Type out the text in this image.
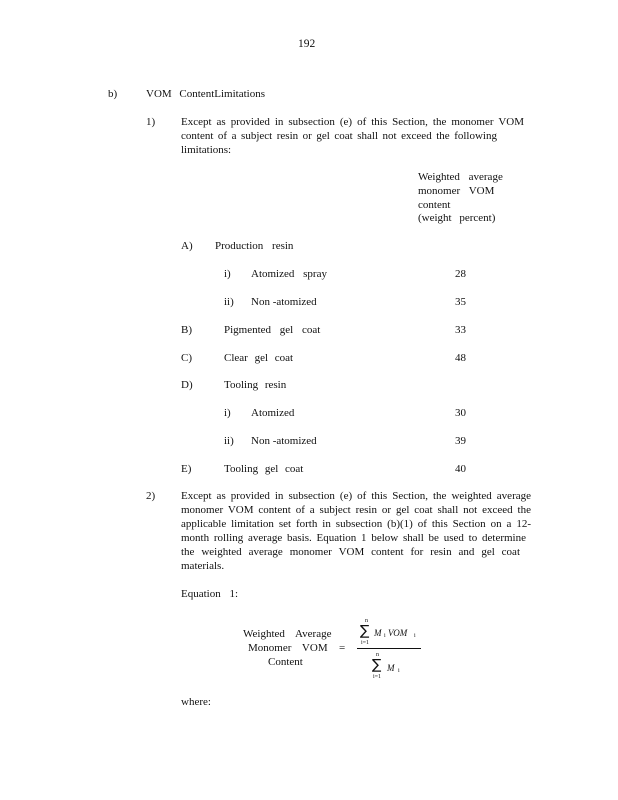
192
b)	VOM ContentLimitations
1) Except as provided in subsection (e) of this Section, the monomer VOM
content of a subject resin or gel coat shall not exceed the following
limitations:
Weighted average
monomer VOM
content
(weight percent)
A) Production resin
i) Atomized spray	28
ii) Non -atomized	35
B)	Pigmented gel coat	33
C)	Clear gel coat	48
D)	Tooling resin
i) Atomized	30
ii) Non -atomized	39
E)	Tooling gel coat	40
2) Except as provided in subsection (e) of this Section, the weighted average
monomer VOM content of a subject resin or gel coat shall not exceed the
applicable limitation set forth in subsection (b)(1) of this Section on a 12-
month rolling average basis. Equation 1 below shall be used to determine
the weighted average monomer VOM content for resin and gel coat
materials.
Equation 1:
Weighted Average
Monomer VOM
Content
=
n
∑
i=1
M i VOM i
n
∑
i=1
M i
where:
